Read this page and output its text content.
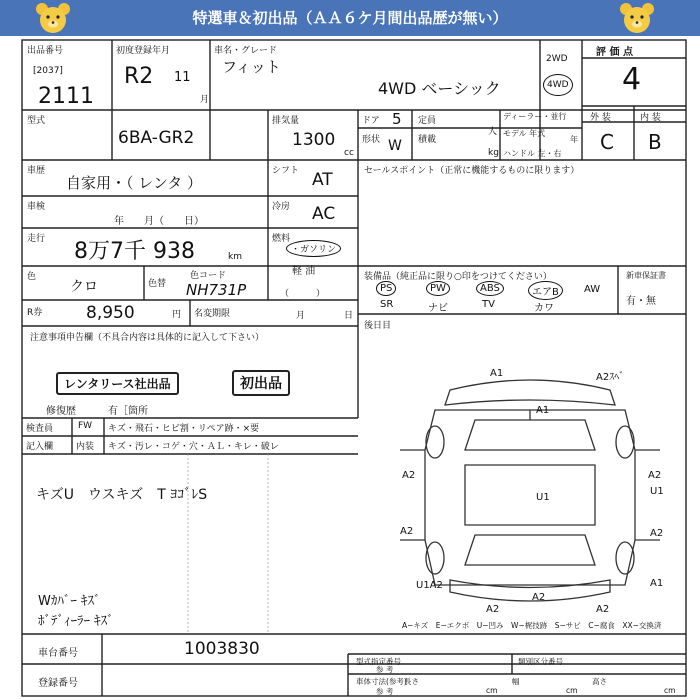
特選車＆初出品（ＡＡ６ケ月間出品歴が無い）
出品番号
[2037]
2111
初度登録年月
R2 11
月
車名・グレード
フィット
4WD ベーシック
2WD
4WD
評 価 点
4
外 装	内 装
C B
型式
6BA-GR2
排気量
1300
cc
ドア 5
形状 W
定員
人
積載
kg
ディーラー・並行
モデル 年式
年
ハンドル 左・右
車歴
自家用・（ レンタ ）
シフト AT
車検
年　　月（　　日）
冷房 AC
走行 8万7千 938	km
燃料
・ガソリン
軽 油
（　　　）
色
クロ	色替
色コード
NH731P
R券	8,950	円 名変期限	月	日
セールスポイント（正常に機能するものに限ります）
装備品（純正品に限り○印をつけてください）
PS	PW	ABS	エアB	AW
SR	ナビ	TV	カワ
新車保証書
有・無
後日目
注意事項申告欄（不具合内容は具体的に記入して下さい）
レンタリース社出品	初出品
修復歴	有［箇所
検査員
記入欄
FW キズ・飛石・ヒビ割・リペア跡・×要
内装 キズ・汚レ・コゲ・穴・ＡＬ・キレ・破レ
キズU　ウスキズ　T ﾖｺﾞﾚS
Wｶﾊﾞｰ ｷｽﾞ
ﾎﾞﾃﾞｨｰﾗｰ ｷｽﾞ
A1	A2ｽﾍﾞ
A1
A2	A2
A2
U1
U1
A2
U1A2
A2
A2
A2
A1
A−キズ　E−エクボ　U−凹み　W−梶技跡　S−サビ　C−腐食　XX−交換済
車台番号	1003830
登録番号
型式指定番号
参 考
類別区分番号
車体寸法(参考)
参 考
長さ
cm
幅
cm
高さ
cm
